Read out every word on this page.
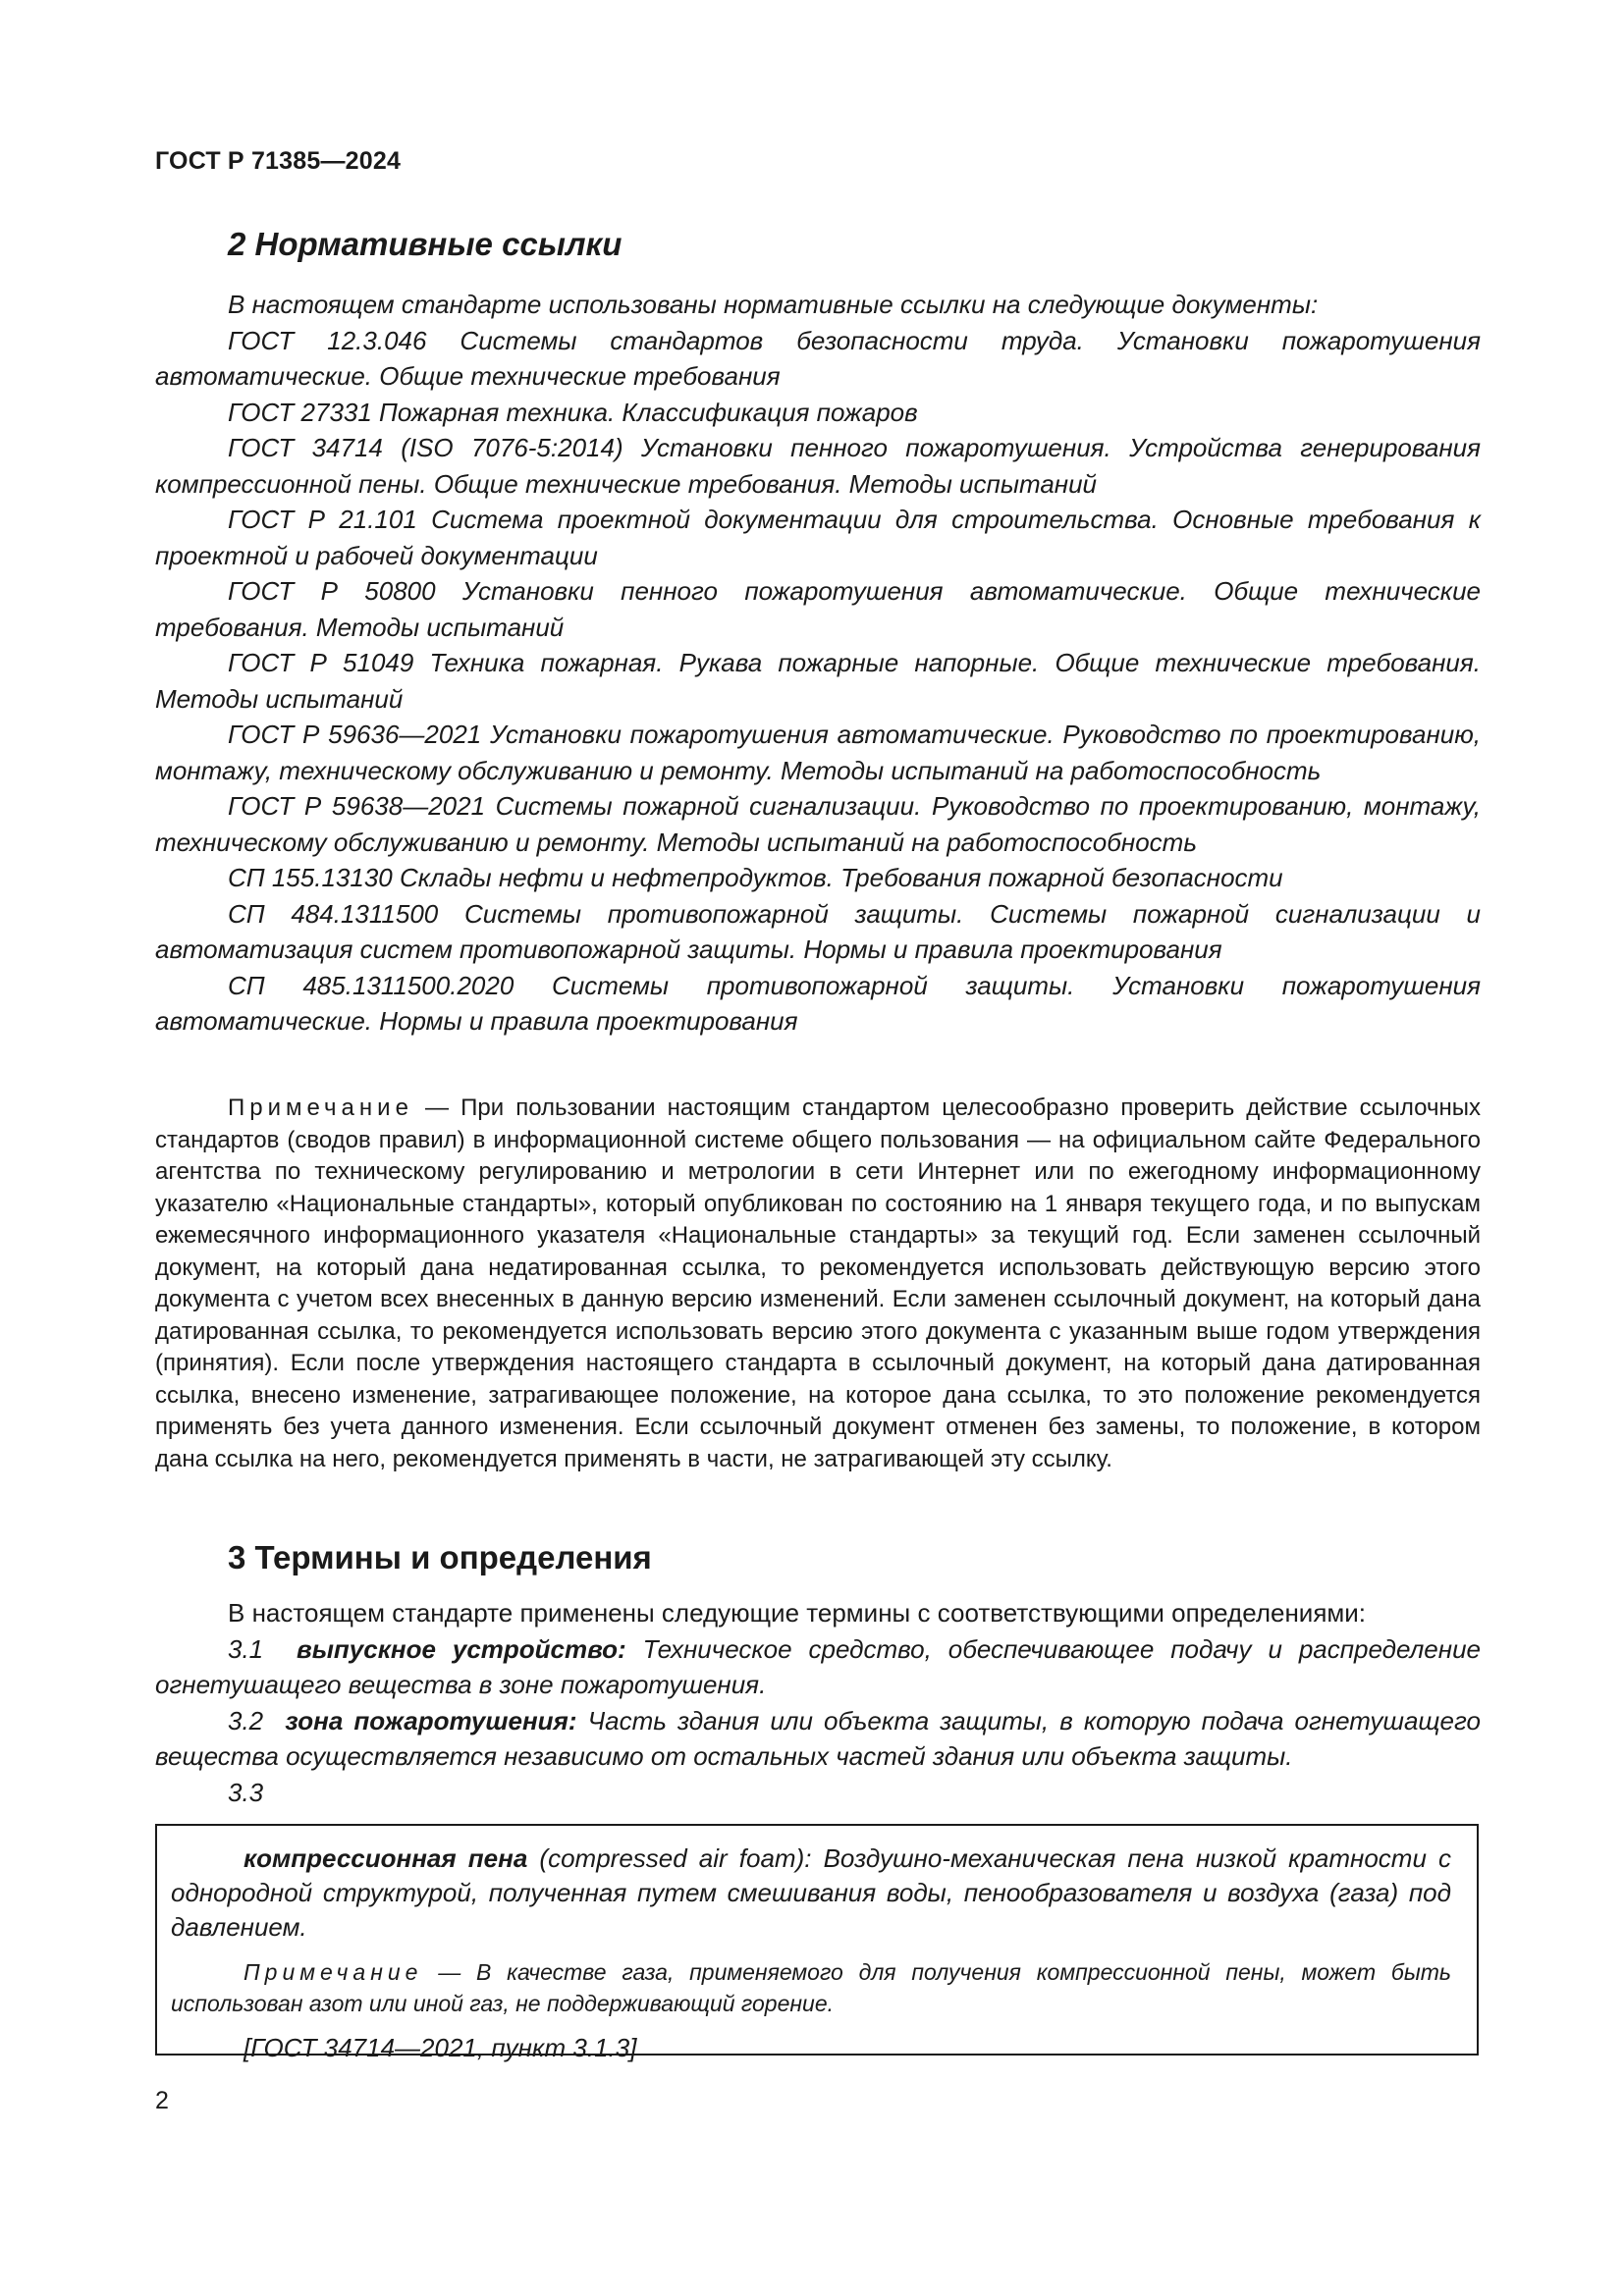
ГОСТ Р 71385—2024
2 Нормативные ссылки

В настоящем стандарте использованы нормативные ссылки на следующие документы:

ГОСТ 12.3.046 Системы стандартов безопасности труда. Установки пожаротушения автоматические. Общие технические требования

ГОСТ 27331 Пожарная техника. Классификация пожаров

ГОСТ 34714 (ISO 7076-5:2014) Установки пенного пожаротушения. Устройства генерирования компрессионной пены. Общие технические требования. Методы испытаний

ГОСТ Р 21.101 Система проектной документации для строительства. Основные требования к проектной и рабочей документации

ГОСТ Р 50800 Установки пенного пожаротушения автоматические. Общие технические требования. Методы испытаний

ГОСТ Р 51049 Техника пожарная. Рукава пожарные напорные. Общие технические требования. Методы испытаний

ГОСТ Р 59636—2021 Установки пожаротушения автоматические. Руководство по проектированию, монтажу, техническому обслуживанию и ремонту. Методы испытаний на работоспособность

ГОСТ Р 59638—2021 Системы пожарной сигнализации. Руководство по проектированию, монтажу, техническому обслуживанию и ремонту. Методы испытаний на работоспособность

СП 155.13130 Склады нефти и нефтепродуктов. Требования пожарной безопасности

СП 484.1311500 Системы противопожарной защиты. Системы пожарной сигнализации и автоматизация систем противопожарной защиты. Нормы и правила проектирования

СП 485.1311500.2020 Системы противопожарной защиты. Установки пожаротушения автоматические. Нормы и правила проектирования

Примечание — При пользовании настоящим стандартом целесообразно проверить действие ссылочных стандартов (сводов правил) в информационной системе общего пользования — на официальном сайте Федерального агентства по техническому регулированию и метрологии в сети Интернет или по ежегодному информационному указателю «Национальные стандарты», который опубликован по состоянию на 1 января текущего года, и по выпускам ежемесячного информационного указателя «Национальные стандарты» за текущий год. Если заменен ссылочный документ, на который дана недатированная ссылка, то рекомендуется использовать действующую версию этого документа с учетом всех внесенных в данную версию изменений. Если заменен ссылочный документ, на который дана датированная ссылка, то рекомендуется использовать версию этого документа с указанным выше годом утверждения (принятия). Если после утверждения настоящего стандарта в ссылочный документ, на который дана датированная ссылка, внесено изменение, затрагивающее положение, на которое дана ссылка, то это положение рекомендуется применять без учета данного изменения. Если ссылочный документ отменен без замены, то положение, в котором дана ссылка на него, рекомендуется применять в части, не затрагивающей эту ссылку.

3 Термины и определения

В настоящем стандарте применены следующие термины с соответствующими определениями:

3.1 выпускное устройство: Техническое средство, обеспечивающее подачу и распределение огнетушащего вещества в зоне пожаротушения.

3.2 зона пожаротушения: Часть здания или объекта защиты, в которую подача огнетушащего вещества осуществляется независимо от остальных частей здания или объекта защиты.

3.3

компрессионная пена (compressed air foam): Воздушно-механическая пена низкой кратности с однородной структурой, полученная путем смешивания воды, пенообразователя и воздуха (газа) под давлением.

Примечание — В качестве газа, применяемого для получения компрессионной пены, может быть использован азот или иной газ, не поддерживающий горение.

[ГОСТ 34714—2021, пункт 3.1.3]

2
